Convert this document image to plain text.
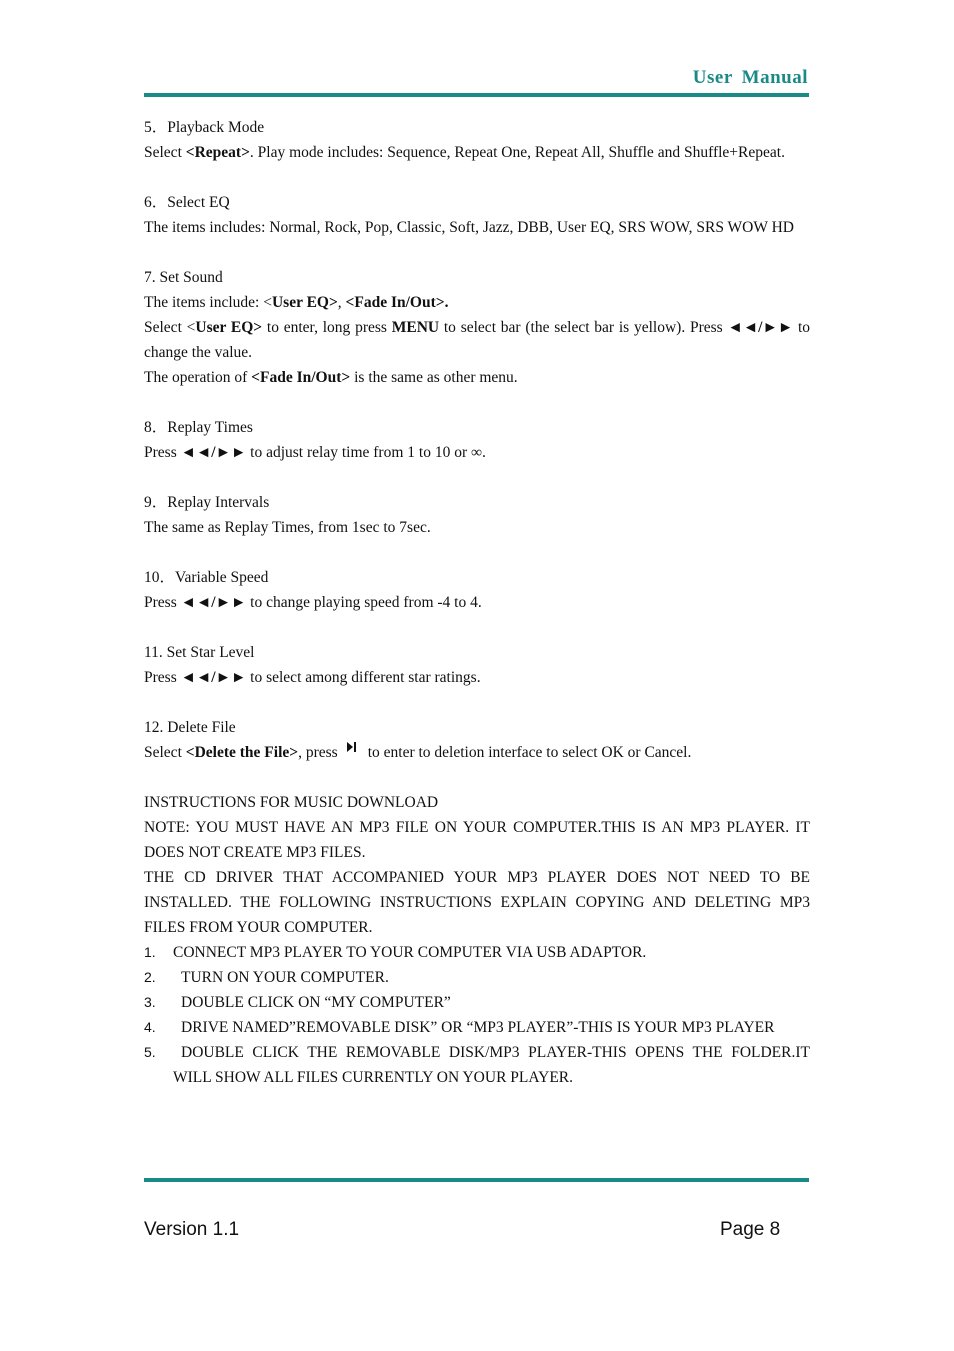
User Manual

5．Playback Mode

Select <Repeat>. Play mode includes: Sequence, Repeat One, Repeat All, Shuffle and Shuffle+Repeat.

6．Select EQ

The items includes: Normal, Rock, Pop, Classic, Soft, Jazz, DBB, User EQ, SRS WOW, SRS WOW HD

7. Set Sound

The items include: <User EQ>, <Fade In/Out>.

Select <User EQ> to enter, long press MENU to select bar (the select bar is yellow). Press ◄◄/►► to change the value.

The operation of <Fade In/Out> is the same as other menu.

8．Replay Times

Press ◄◄/►► to adjust relay time from 1 to 10 or ∞.

9．Replay Intervals

The same as Replay Times, from 1sec to 7sec.

10．Variable Speed

Press ◄◄/►► to change playing speed from -4 to 4.

11. Set Star Level

Press ◄◄/►► to select among different star ratings.

12. Delete File

Select <Delete the File>, press to enter to deletion interface to select OK or Cancel.

INSTRUCTIONS FOR MUSIC DOWNLOAD

NOTE: YOU MUST HAVE AN MP3 FILE ON YOUR COMPUTER.THIS IS AN MP3 PLAYER. IT DOES NOT CREATE MP3 FILES.

THE CD DRIVER THAT ACCOMPANIED YOUR MP3 PLAYER DOES NOT NEED TO BE INSTALLED. THE FOLLOWING INSTRUCTIONS EXPLAIN COPYING AND DELETING MP3 FILES FROM YOUR COMPUTER.

1. CONNECT MP3 PLAYER TO YOUR COMPUTER VIA USB ADAPTOR.
2. TURN ON YOUR COMPUTER.
3. DOUBLE CLICK ON “MY COMPUTER”
4. DRIVE NAMED”REMOVABLE DISK” OR “MP3 PLAYER”-THIS IS YOUR MP3 PLAYER
5. DOUBLE CLICK THE REMOVABLE DISK/MP3 PLAYER-THIS OPENS THE FOLDER.IT WILL SHOW ALL FILES CURRENTLY ON YOUR PLAYER.
Version 1.1	Page 8
